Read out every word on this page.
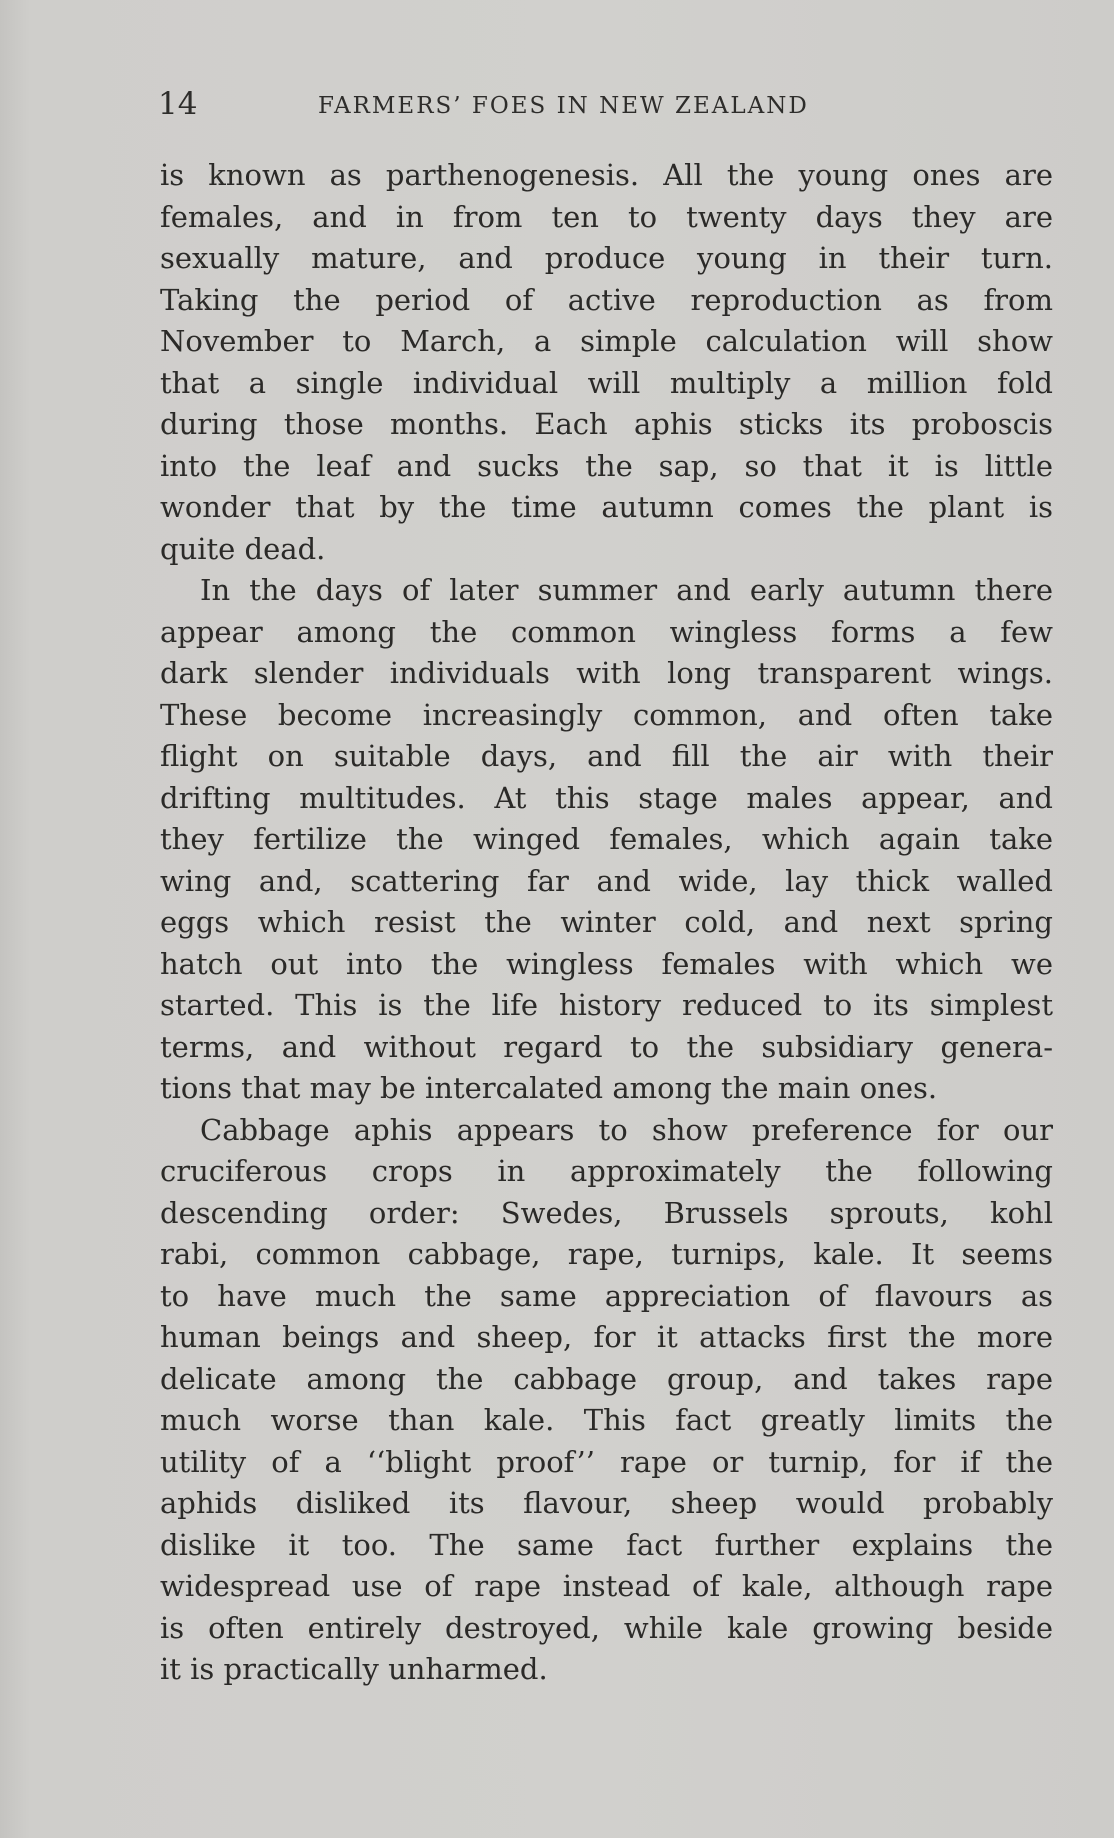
14	FARMERS’ FOES IN NEW ZEALAND
is known as parthenogenesis. All the young ones are
females, and in from ten to twenty days they are
sexually mature, and produce young in their turn.
Taking the period of active reproduction as from
November to March, a simple calculation will show
that a single individual will multiply a million fold
during those months. Each aphis sticks its proboscis
into the leaf and sucks the sap, so that it is little
wonder that by the time autumn comes the plant is
quite dead.
In the days of later summer and early autumn there
appear among the common wingless forms a few
dark slender individuals with long transparent wings.
These become increasingly common, and often take
flight on suitable days, and fill the air with their
drifting multitudes. At this stage males appear, and
they fertilize the winged females, which again take
wing and, scattering far and wide, lay thick walled
eggs which resist the winter cold, and next spring
hatch out into the wingless females with which we
started. This is the life history reduced to its simplest
terms, and without regard to the subsidiary genera-
tions that may be intercalated among the main ones.
Cabbage aphis appears to show preference for our
cruciferous crops in approximately the following
descending order: Swedes, Brussels sprouts, kohl
rabi, common cabbage, rape, turnips, kale. It seems
to have much the same appreciation of flavours as
human beings and sheep, for it attacks first the more
delicate among the cabbage group, and takes rape
much worse than kale. This fact greatly limits the
utility of a ‘‘blight proof’’ rape or turnip, for if the
aphids disliked its flavour, sheep would probably
dislike it too. The same fact further explains the
widespread use of rape instead of kale, although rape
is often entirely destroyed, while kale growing beside
it is practically unharmed.
